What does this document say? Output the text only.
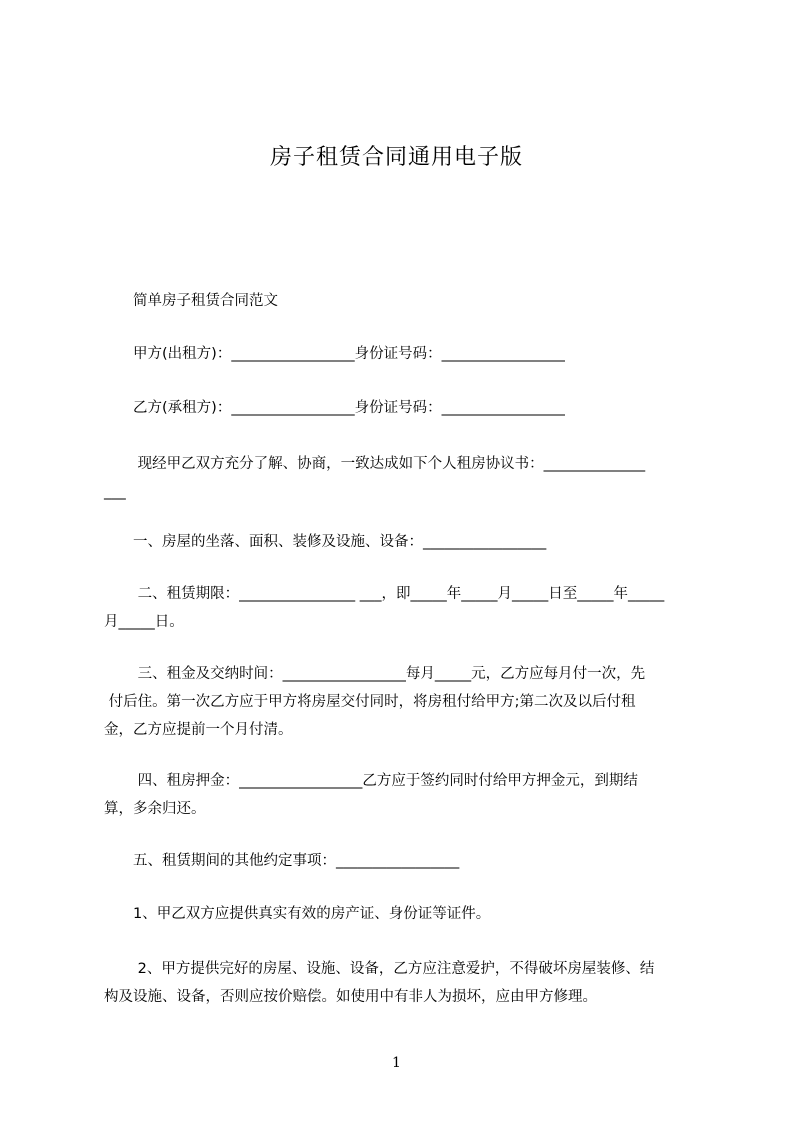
房子租赁合同通用电子版
　　简单房子租赁合同范文
　　甲方(出租方)：_________________身份证号码：_________________
　　乙方(承租方)：_________________身份证号码：_________________
　　 现经甲乙双方充分了解、协商，一致达成如下个人租房协议书：______________
___
　　一、房屋的坐落、面积、装修及设施、设备：_________________
　　 二、租赁期限：________________ ___，即_____年_____月_____日至_____年_____
月_____日。
　　 三、租金及交纳时间：_________________每月_____元，乙方应每月付一次，先
付后住。第一次乙方应于甲方将房屋交付同时，将房租付给甲方;第二次及以后付租
金，乙方应提前一个月付清。
　　 四、租房押金：_________________乙方应于签约同时付给甲方押金元，到期结
算，多余归还。
　　五、租赁期间的其他约定事项：_________________
　　1、甲乙双方应提供真实有效的房产证、身份证等证件。
　　 2、甲方提供完好的房屋、设施、设备，乙方应注意爱护，不得破坏房屋装修、结
构及设施、设备，否则应按价赔偿。如使用中有非人为损坏，应由甲方修理。
1
